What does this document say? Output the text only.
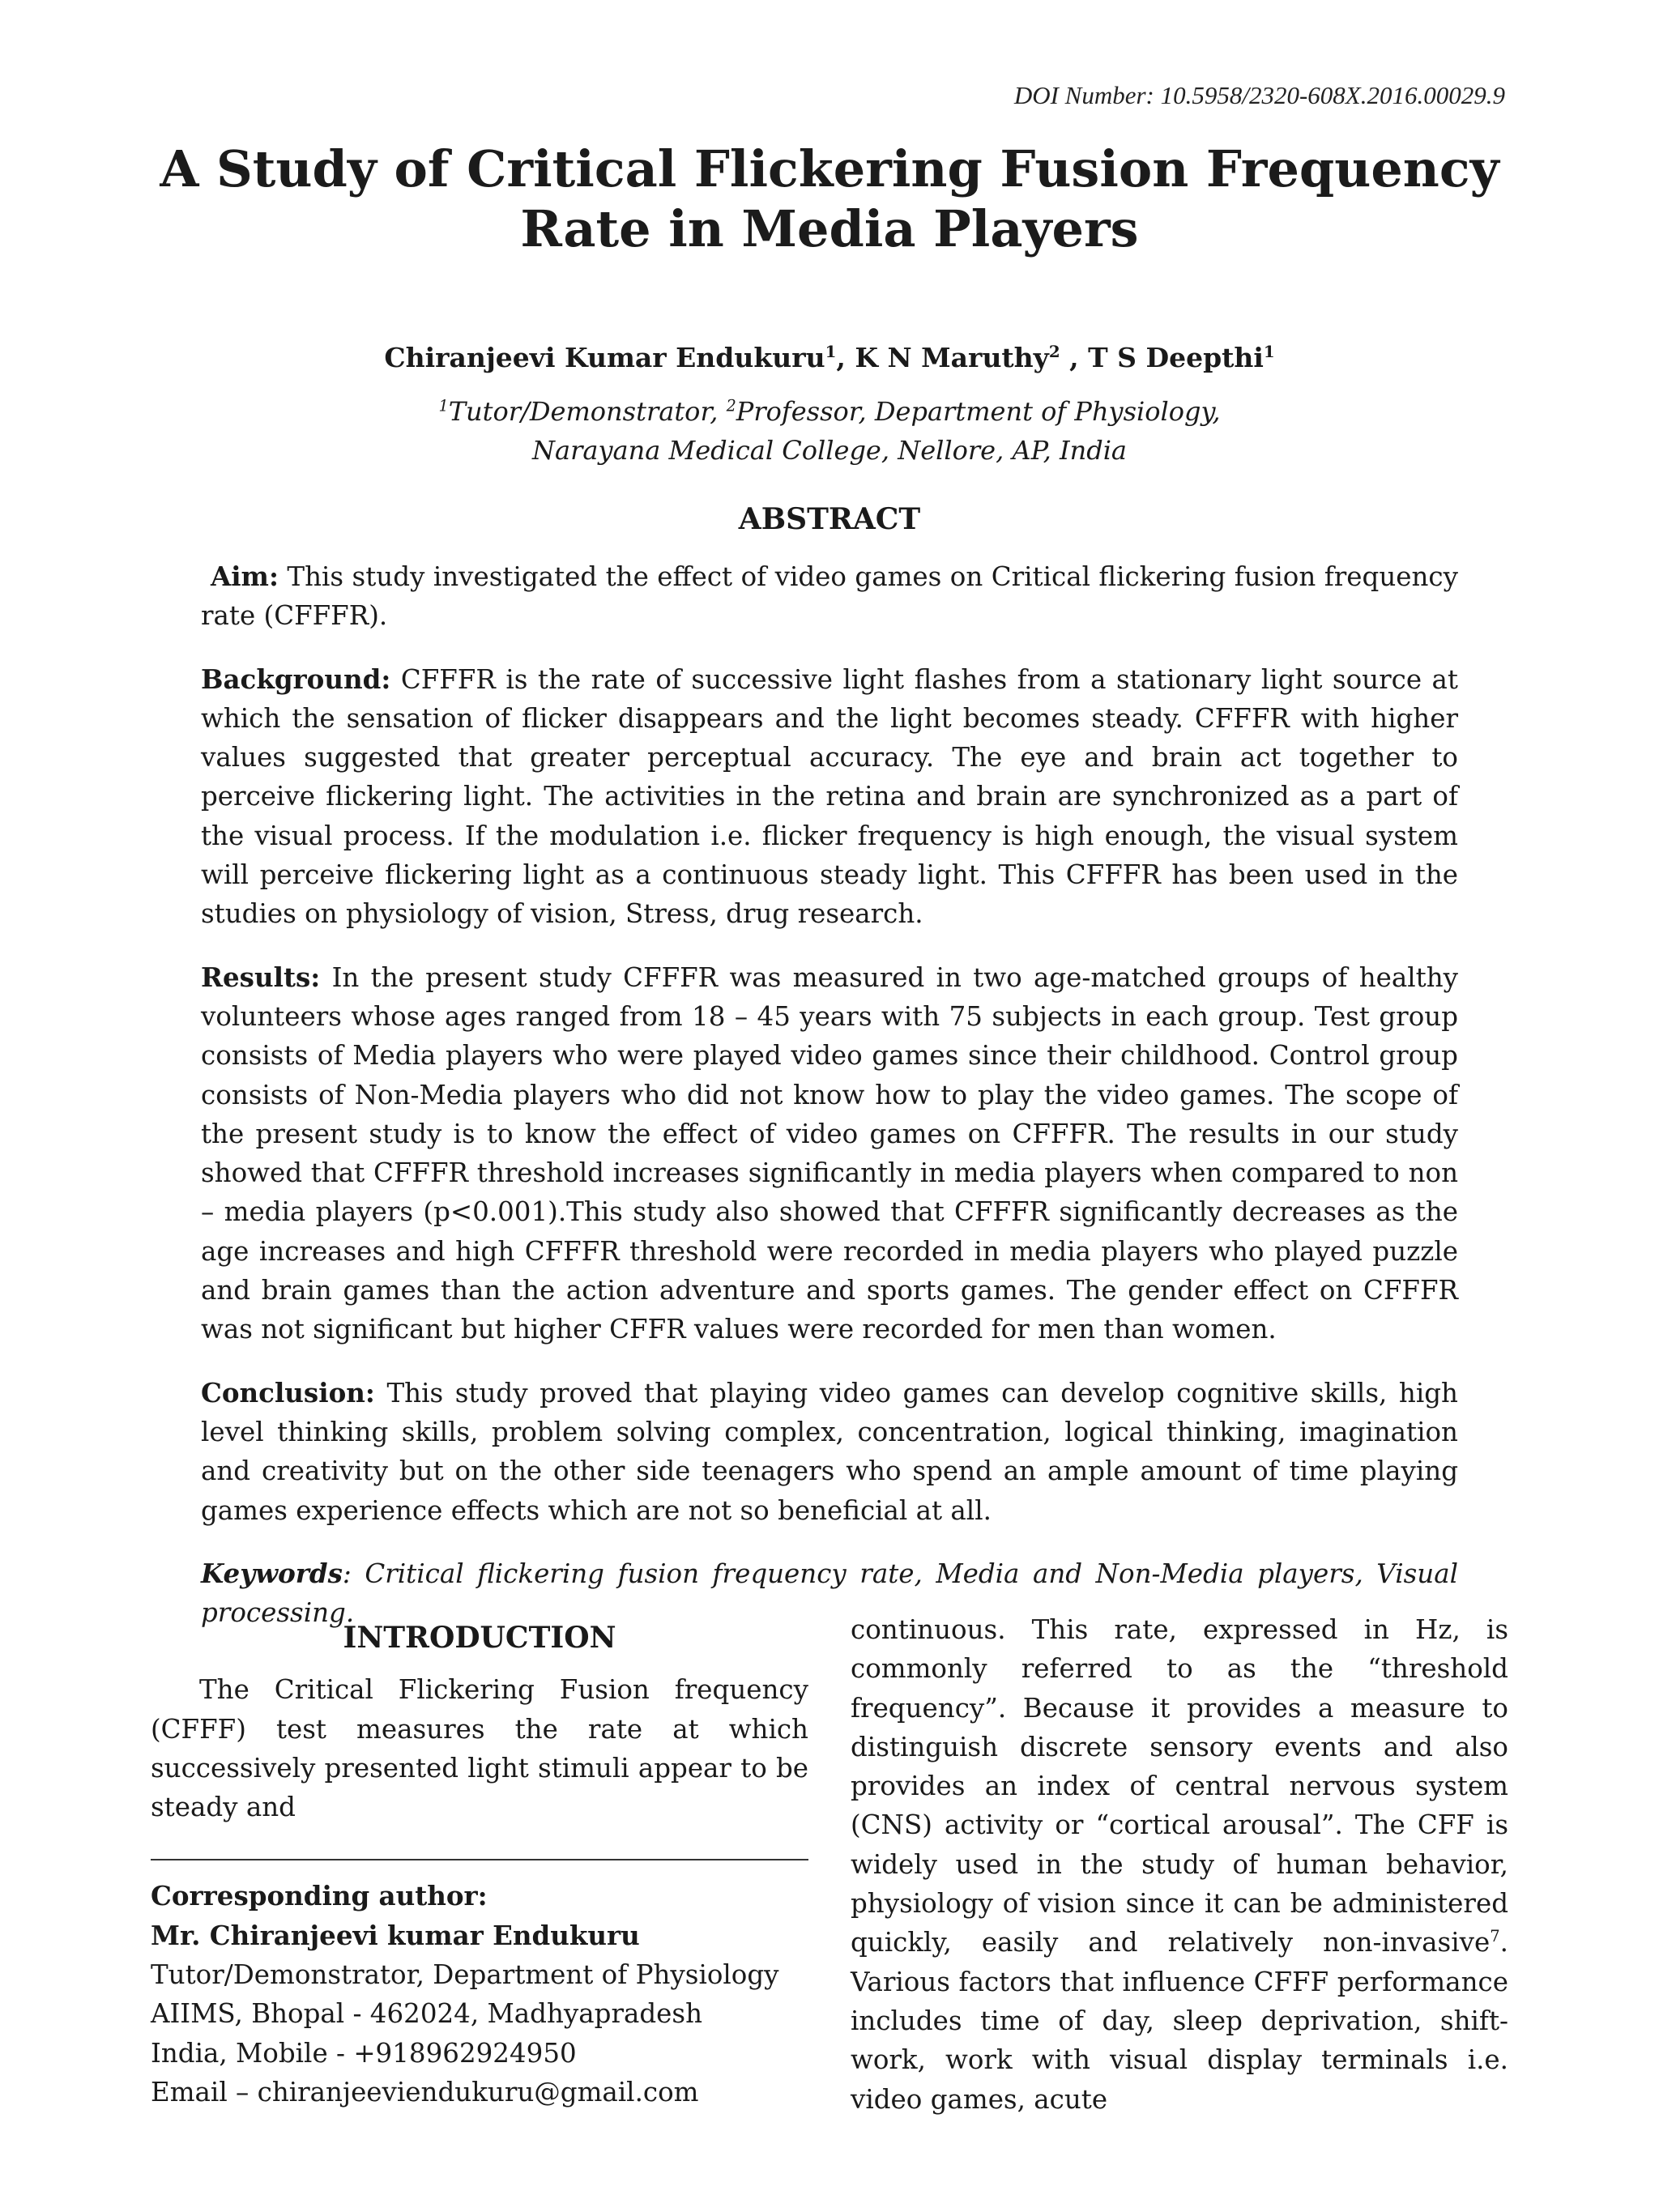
DOI Number: 10.5958/2320-608X.2016.00029.9
A Study of Critical Flickering Fusion Frequency
Rate in Media Players
Chiranjeevi Kumar Endukuru$^1$, K N Maruthy$^2$ , T S Deepthi$^1$
$^1$Tutor/Demonstrator, $^2$Professor, Department of Physiology,
Narayana Medical College, Nellore, AP, India
ABSTRACT

Aim: This study investigated the effect of video games on Critical flickering fusion frequency rate (CFFFR).

Background: CFFFR is the rate of successive light flashes from a stationary light source at which the sensation of flicker disappears and the light becomes steady. CFFFR with higher values suggested that greater perceptual accuracy. The eye and brain act together to perceive flickering light. The activities in the retina and brain are synchronized as a part of the visual process. If the modulation i.e. flicker frequency is high enough, the visual system will perceive flickering light as a continuous steady light. This CFFFR has been used in the studies on physiology of vision, Stress, drug research.

Results: In the present study CFFFR was measured in two age-matched groups of healthy volunteers whose ages ranged from 18 – 45 years with 75 subjects in each group. Test group consists of Media players who were played video games since their childhood. Control group consists of Non-Media players who did not know how to play the video games. The scope of the present study is to know the effect of video games on CFFFR. The results in our study showed that CFFFR threshold increases significantly in media players when compared to non – media players (p<0.001).This study also showed that CFFFR significantly decreases as the age increases and high CFFFR threshold were recorded in media players who played puzzle and brain games than the action adventure and sports games. The gender effect on CFFFR was not significant but higher CFFR values were recorded for men than women.

Conclusion: This study proved that playing video games can develop cognitive skills, high level thinking skills, problem solving complex, concentration, logical thinking, imagination and creativity but on the other side teenagers who spend an ample amount of time playing games experience effects which are not so beneficial at all.

Keywords: Critical flickering fusion frequency rate, Media and Non-Media players, Visual processing.

INTRODUCTION

The Critical Flickering Fusion frequency (CFFF) test measures the rate at which successively presented light stimuli appear to be steady and

Corresponding author:

Mr. Chiranjeevi kumar Endukuru

Tutor/Demonstrator, Department of Physiology

AIIMS, Bhopal - 462024, Madhyapradesh

India, Mobile - +918962924950

Email – chiranjeeviendukuru@gmail.com

continuous. This rate, expressed in Hz, is commonly referred to as the “threshold frequency”. Because it provides a measure to distinguish discrete sensory events and also provides an index of central nervous system (CNS) activity or “cortical arousal”. The CFF is widely used in the study of human behavior, physiology of vision since it can be administered quickly, easily and relatively non-invasive$^7$. Various factors that influence CFFF performance includes time of day, sleep deprivation, shift-work, work with visual display terminals i.e. video games, acute
